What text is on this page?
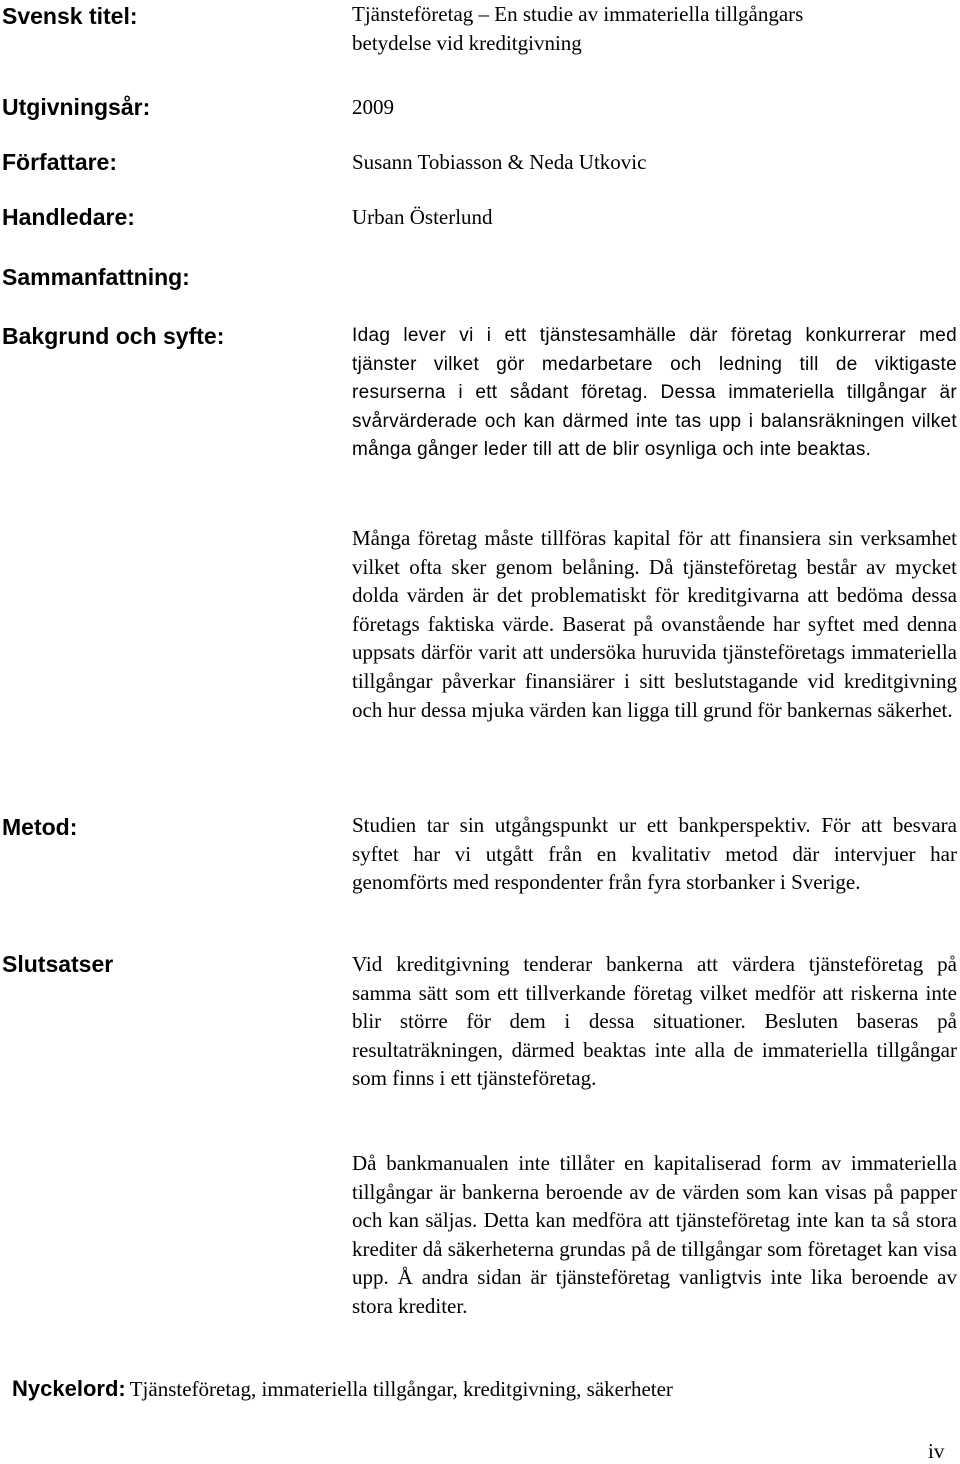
Svensk titel:	Tjänsteföretag – En studie av immateriella tillgångars
betydelse vid kreditgivning
Utgivningsår:	2009
Författare:	Susann Tobiasson & Neda Utkovic
Handledare:	Urban Österlund
Sammanfattning:
Bakgrund och syfte:	Idag lever vi i ett tjänstesamhälle där företag konkurrerar med tjänster vilket gör medarbetare och ledning till de viktigaste resurserna i ett sådant företag. Dessa immateriella tillgångar är svårvärderade och kan därmed inte tas upp i balansräkningen vilket många gånger leder till att de blir osynliga och inte beaktas.

Många företag måste tillföras kapital för att finansiera sin verksamhet vilket ofta sker genom belåning. Då tjänsteföretag består av mycket dolda värden är det problematiskt för kreditgivarna att bedöma dessa företags faktiska värde. Baserat på ovanstående har syftet med denna uppsats därför varit att undersöka huruvida tjänsteföretags immateriella tillgångar påverkar finansiärer i sitt beslutstagande vid kreditgivning och hur dessa mjuka värden kan ligga till grund för bankernas säkerhet.

Metod:	Studien tar sin utgångspunkt ur ett bankperspektiv. För att besvara syftet har vi utgått från en kvalitativ metod där intervjuer har genomförts med respondenter från fyra storbanker i Sverige.

Slutsatser	Vid kreditgivning tenderar bankerna att värdera tjänsteföretag på samma sätt som ett tillverkande företag vilket medför att riskerna inte blir större för dem i dessa situationer. Besluten baseras på resultaträkningen, därmed beaktas inte alla de immateriella tillgångar som finns i ett tjänsteföretag.

Då bankmanualen inte tillåter en kapitaliserad form av immateriella tillgångar är bankerna beroende av de värden som kan visas på papper och kan säljas. Detta kan medföra att tjänsteföretag inte kan ta så stora krediter då säkerheterna grundas på de tillgångar som företaget kan visa upp. Å andra sidan är tjänsteföretag vanligtvis inte lika beroende av stora krediter.

Nyckelord: Tjänsteföretag, immateriella tillgångar, kreditgivning, säkerheter
iv
